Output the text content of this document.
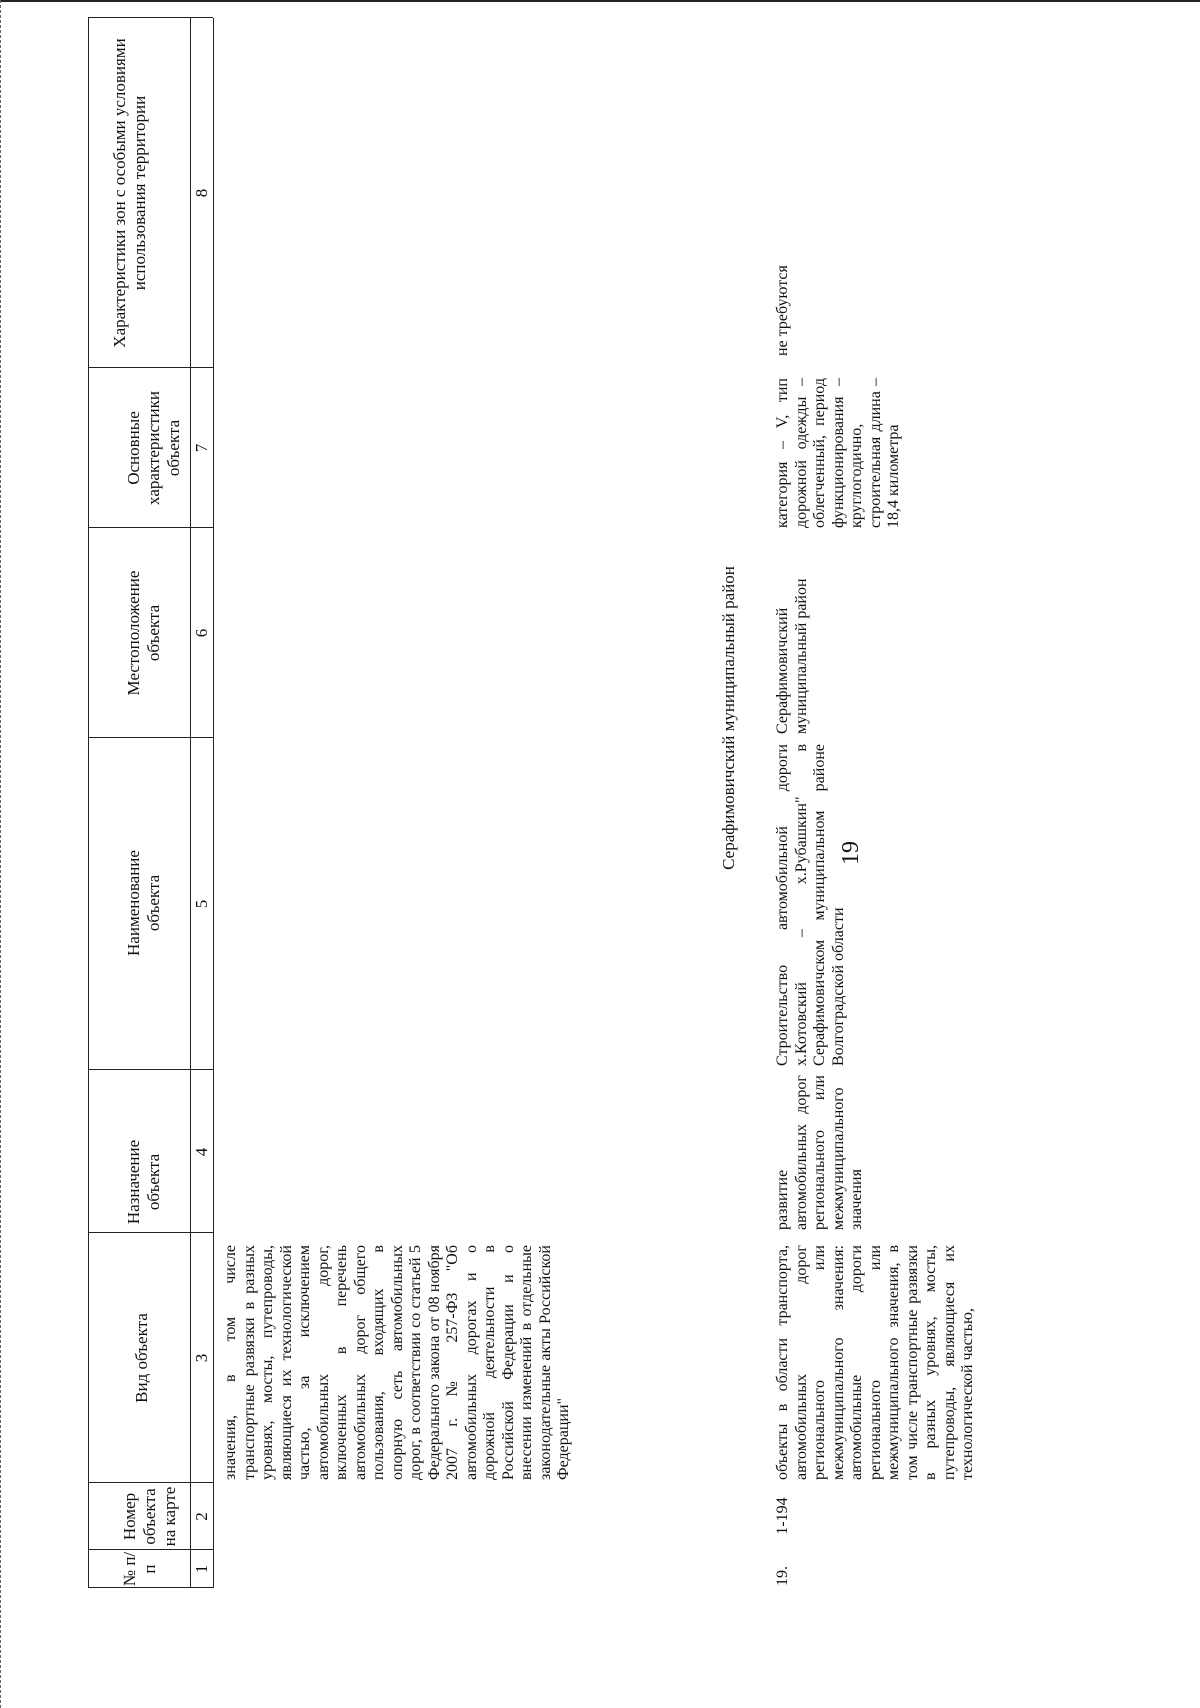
19
№ п/п
Номер объекта на карте
Вид объекта
Назначение объекта
Наименование объекта
Местоположение объекта
Основные характеристики объекта
Характеристики зон с особыми условиями использования территории
1
2
3
4
5
6
7
8
значения, в том числе транспортные развязки в разных уровнях, мосты, путепроводы, являющиеся их технологической частью, за исключением автомобильных дорог, включенных в перечень автомобильных дорог общего пользования, входящих в опорную сеть автомобильных дорог, в соответствии со статьей 5 Федерального закона от 08 ноября 2007 г. № 257-ФЗ "Об автомобильных дорогах и о дорожной деятельности в Российской Федерации и о внесении изменений в отдельные законодательные акты Российской Федерации"
Серафимовичский муниципальный район
19.
1-194
объекты в области транспорта, автомобильных дорог регионального или межмуниципального значения: автомобильные дороги регионального или межмуниципального значения, в том числе транспортные развязки в разных уровнях, мосты, путепроводы, являющиеся их технологической частью,
развитие автомобильных дорог регионального или межмуниципального значения
Строительство автомобильной дороги х.Котовский – х.Рубашкин" в Серафимовичском муниципальном районе Волгоградской области
Серафимовичский муниципальный район
категория – V, тип дорожной одежды – облегченный, период функционирования – круглогодично, строительная длина – 18,4 километра
не требуются
